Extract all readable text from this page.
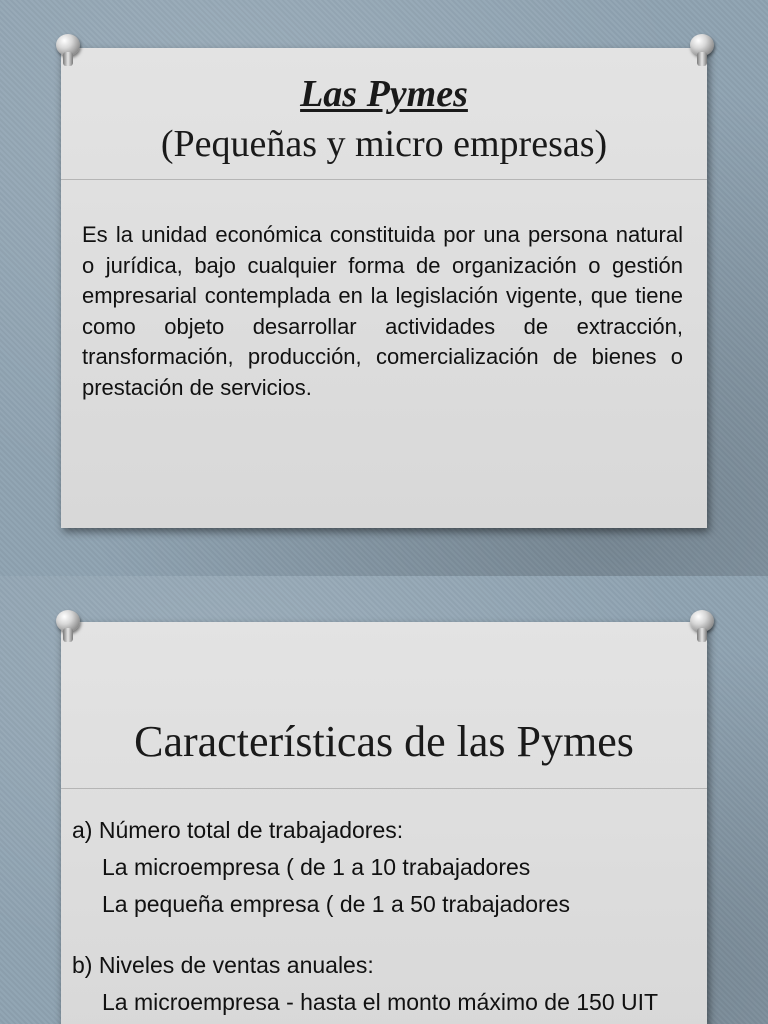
Las Pymes
(Pequeñas y micro empresas)
Es la unidad económica constituida por una persona natural o jurídica, bajo cualquier forma de organización o gestión empresarial contemplada en la legislación vigente, que tiene como objeto desarrollar actividades de extracción, transformación, producción, comercialización de bienes o prestación de servicios.
Características de las Pymes
a) Número total de trabajadores:
La microempresa ( de 1 a 10 trabajadores
La pequeña empresa ( de 1 a 50 trabajadores
b) Niveles de ventas anuales:
La microempresa - hasta el monto máximo de 150 UIT
